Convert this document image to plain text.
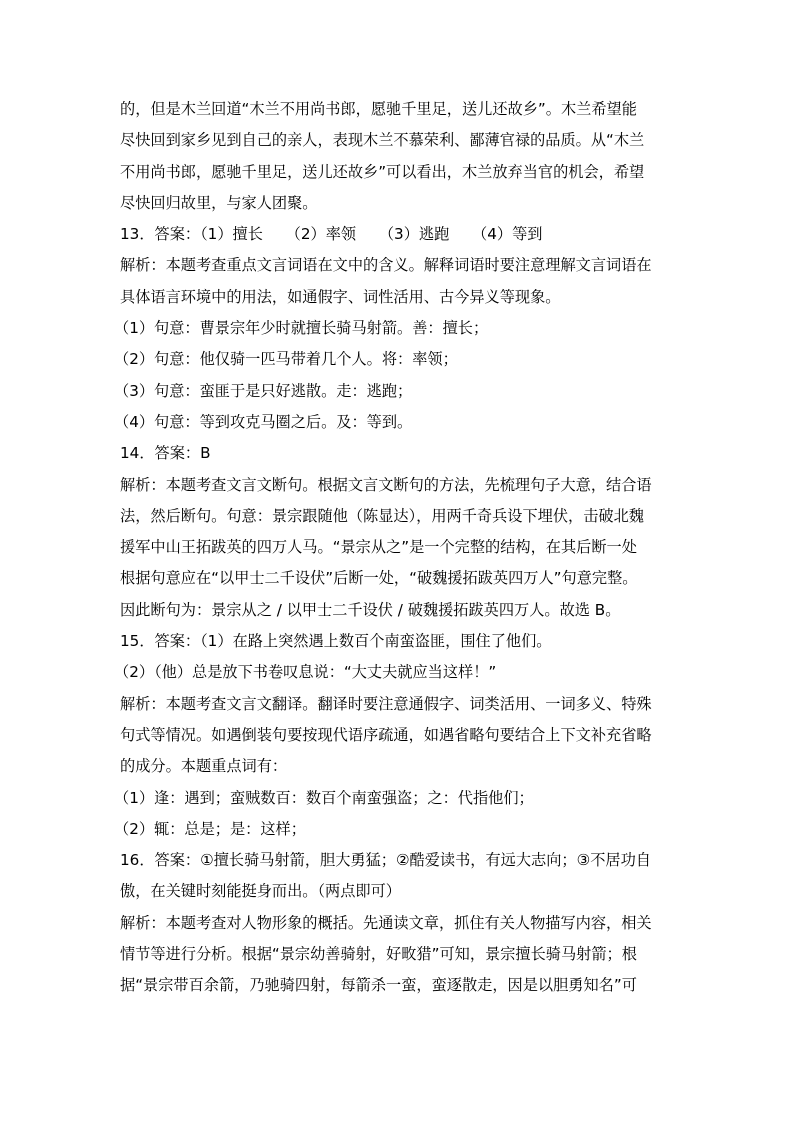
的，但是木兰回道“木兰不用尚书郎，愿驰千里足，送儿还故乡”。木兰希望能
尽快回到家乡见到自己的亲人，表现木兰不慕荣利、鄙薄官禄的品质。从“木兰
不用尚书郎，愿驰千里足，送儿还故乡”可以看出，木兰放弃当官的机会，希望
尽快回归故里，与家人团聚。
13．答案：（1）擅长　　（2）率领　　（3）逃跑　　（4）等到
解析：本题考查重点文言词语在文中的含义。解释词语时要注意理解文言词语在
具体语言环境中的用法，如通假字、词性活用、古今异义等现象。
（1）句意：曹景宗年少时就擅长骑马射箭。善：擅长；
（2）句意：他仅骑一匹马带着几个人。将：率领；
（3）句意：蛮匪于是只好逃散。走：逃跑；
（4）句意：等到攻克马圈之后。及：等到。
14．答案：B
解析：本题考查文言文断句。根据文言文断句的方法，先梳理句子大意，结合语
法，然后断句。句意：景宗跟随他（陈显达），用两千奇兵设下埋伏，击破北魏
援军中山王拓跋英的四万人马。“景宗从之”是一个完整的结构，在其后断一处
根据句意应在“以甲士二千设伏”后断一处，“破魏援拓跋英四万人”句意完整。
因此断句为：景宗从之 / 以甲士二千设伏 / 破魏援拓跋英四万人。故选 B。
15．答案：（1）在路上突然遇上数百个南蛮盗匪，围住了他们。
（2）（他）总是放下书卷叹息说：“大丈夫就应当这样！”
解析：本题考查文言文翻译。翻译时要注意通假字、词类活用、一词多义、特殊
句式等情况。如遇倒装句要按现代语序疏通，如遇省略句要结合上下文补充省略
的成分。本题重点词有：
（1）逢：遇到；蛮贼数百：数百个南蛮强盗；之：代指他们；
（2）辄：总是；是：这样；
16．答案：①擅长骑马射箭，胆大勇猛；②酷爱读书，有远大志向；③不居功自
傲，在关键时刻能挺身而出。（两点即可）
解析：本题考查对人物形象的概括。先通读文章，抓住有关人物描写内容，相关
情节等进行分析。根据“景宗幼善骑射，好畋猎”可知，景宗擅长骑马射箭；根
据“景宗带百余箭，乃驰骑四射，每箭杀一蛮，蛮逐散走，因是以胆勇知名”可
